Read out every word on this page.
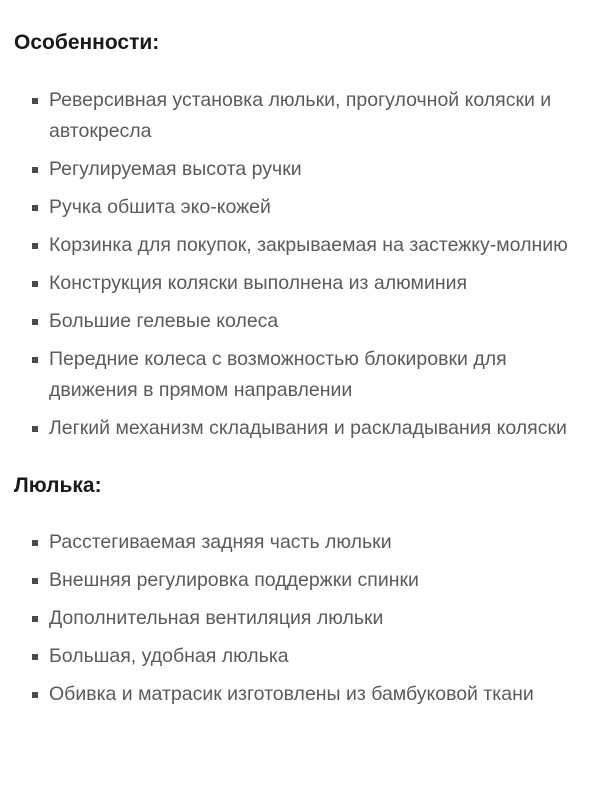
Особенности:
Реверсивная установка люльки, прогулочной коляски и автокресла
Регулируемая высота ручки
Ручка обшита эко-кожей
Корзинка для покупок, закрываемая на застежку-молнию
Конструкция коляски выполнена из алюминия
Большие гелевые колеса
Передние колеса с возможностью блокировки для движения в прямом направлении
Легкий механизм складывания и раскладывания коляски
Люлька:
Расстегиваемая задняя часть люльки
Внешняя регулировка поддержки спинки
Дополнительная вентиляция люльки
Большая, удобная люлька
Обивка и матрасик изготовлены из бамбуковой ткани
